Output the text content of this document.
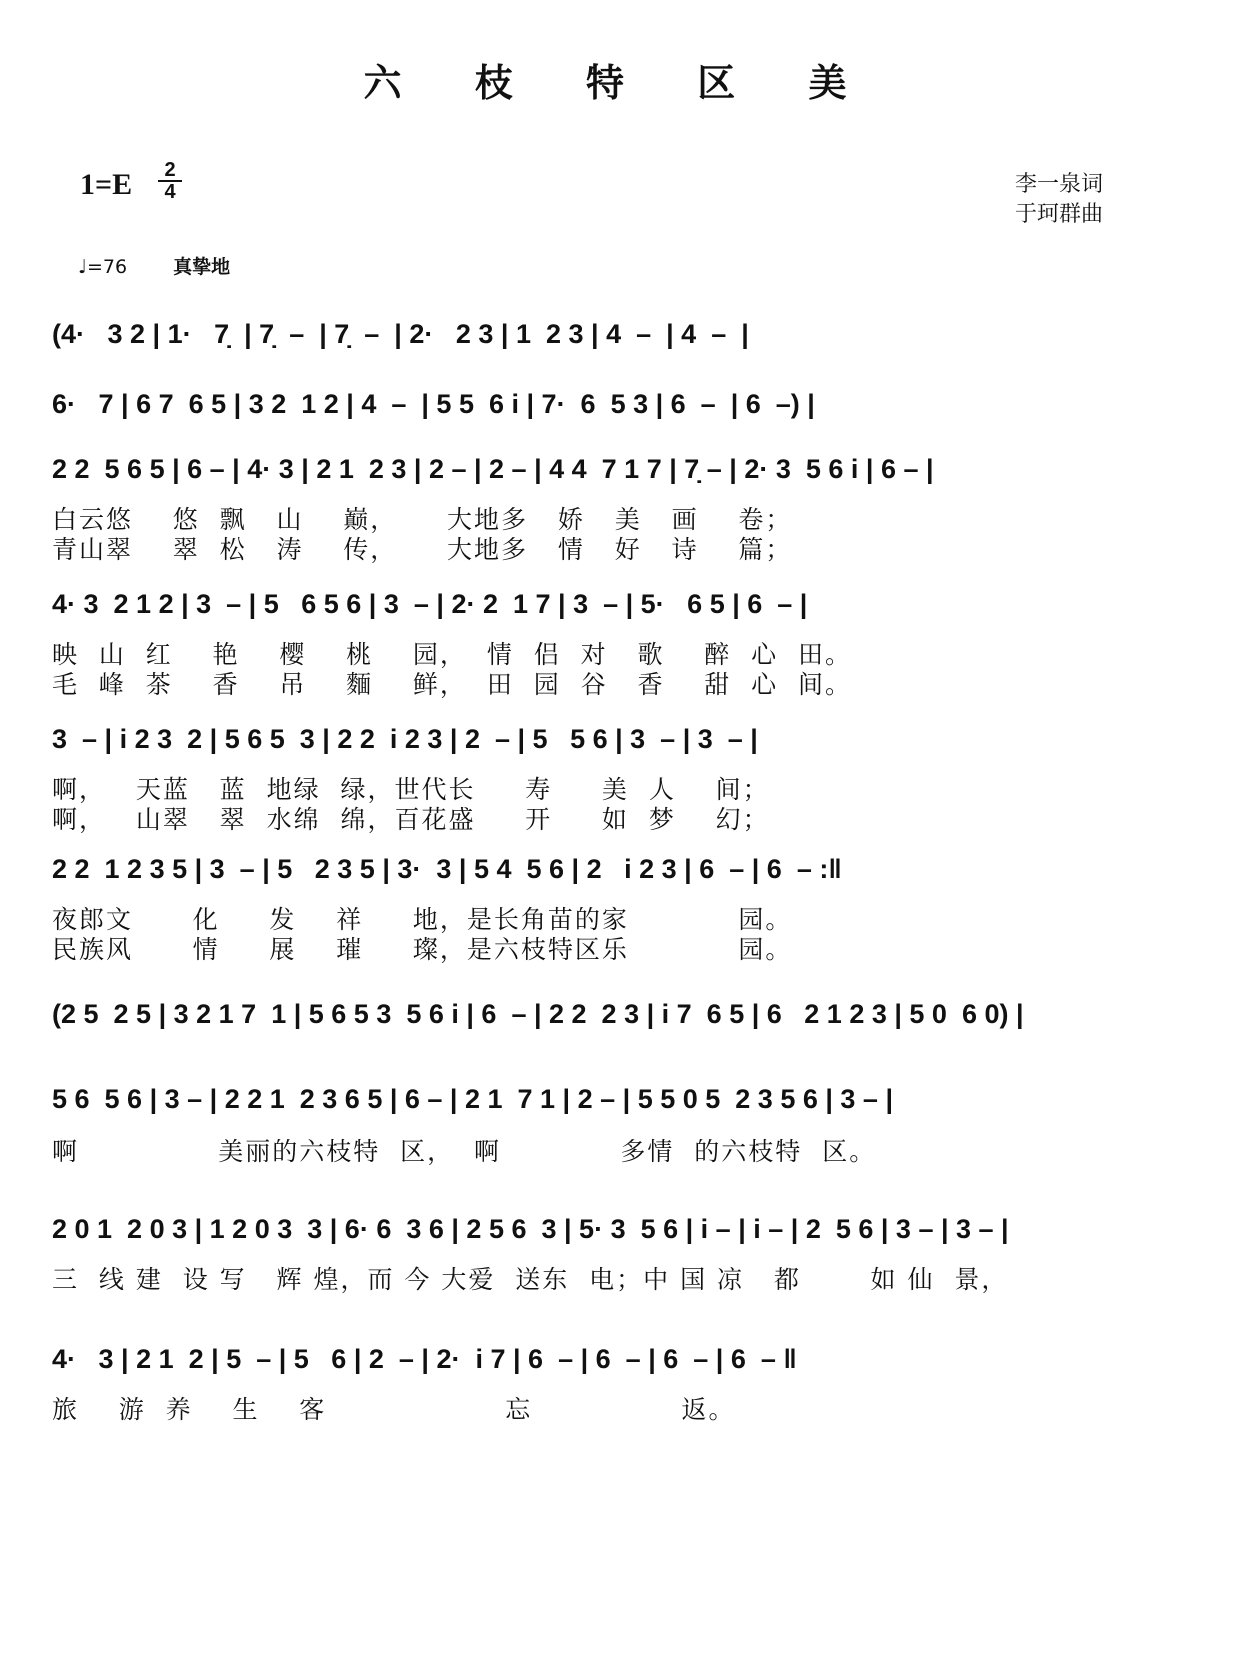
六 枝 特 区 美
1=E	2
4	李一泉词
于珂群曲
♩=76 真挚地
(4·   3 2 | 1·   7̣  | 7̣  –  | 7̣  –  | 2·   2 3 | 1  2 3 | 4  –  | 4  –  |
6·   7 | 6 7  6 5 | 3 2  1 2 | 4  –  | 5 5  6 i | 7·  6  5 3 | 6  –  | 6  –) |
2 2  5 6 5 | 6 – | 4· 3 | 2 1  2 3 | 2 – | 2 – | 4 4  7 1 7 | 7̣ – | 2· 3  5 6 i | 6 – |
白云悠    悠  飘   山    巅，     大地多   娇   美   画    卷；
青山翠    翠  松   涛    传，     大地多   情   好   诗    篇；
4· 3  2 1 2 | 3  – | 5   6 5 6 | 3  – | 2· 2  1 7 | 3  – | 5·   6 5 | 6  – |
映  山  红    艳    樱    桃    园，  情  侣  对   歌    醉  心  田。
毛  峰  茶    香    吊    麵    鲜，  田  园  谷   香    甜  心  间。
3  – | i 2 3  2 | 5 6 5  3 | 2 2  i 2 3 | 2  – | 5   5 6 | 3  – | 3  – |
啊，   天蓝   蓝  地绿  绿，世代长     寿     美  人    间；
啊，   山翠   翠  水绵  绵，百花盛     开     如  梦    幻；
2 2  1 2 3 5 | 3  – | 5   2 3 5 | 3·  3 | 5 4  5 6 | 2   i 2 3 | 6  – | 6  – :‖
夜郎文      化     发    祥     地，是长角苗的家           园。
民族风      情     展    璀     璨，是六枝特区乐           园。
(2 5  2 5 | 3 2 1 7  1 | 5 6 5 3  5 6 i | 6  – | 2 2  2 3 | i 7  6 5 | 6   2 1 2 3 | 5 0  6 0) |
5 6  5 6 | 3 – | 2 2 1  2 3 6 5 | 6 – | 2 1  7 1 | 2 – | 5 5 0 5  2 3 5 6 | 3 – |
啊              美丽的六枝特  区，  啊            多情  的六枝特  区。
2 0 1  2 0 3 | 1 2 0 3  3 | 6· 6  3 6 | 2 5 6  3 | 5· 3  5 6 | i – | i – | 2  5 6 | 3 – | 3 – |
三  线 建  设 写   辉 煌，而 今 大爱  送东  电；中 国 凉   都       如 仙  景，
4·   3 | 2 1  2 | 5  – | 5   6 | 2  – | 2·  i 7 | 6  – | 6  – | 6  – | 6  – ‖
旅    游  养    生    客                  忘               返。
